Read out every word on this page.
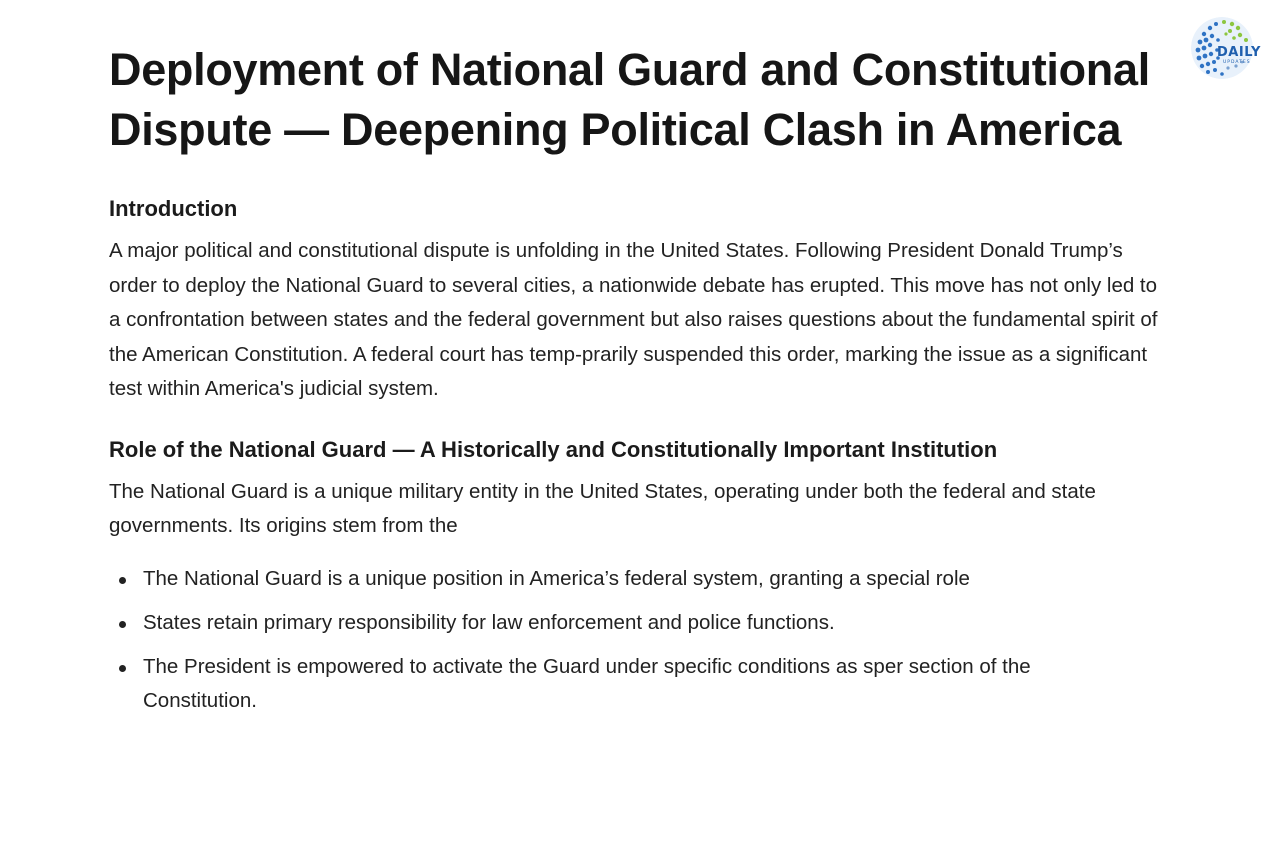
DAILY
UPDATES
Deployment of National Guard and Constitutional Dispute — Deepening Political Clash in America
Introduction

A major political and constitutional dispute is unfolding in the United States. Following President Donald Trump’s order to deploy the National Guard to several cities, a nationwide debate has erupted. This move has not only led to a confrontation between states and the federal government but also raises questions about the fundamental spirit of the American Constitution. A federal court has temp-prarily suspended this order, marking the issue as a significant test within America's judicial system.

Role of the National Guard — A Historically and Constitutionally Important Institution

The National Guard is a unique military entity in the United States, operating under both the federal and state governments. Its origins stem from the

The National Guard is a unique position in America’s federal system, granting a special role
States retain primary responsibility for law enforcement and police functions.
The President is empowered to activate the Guard under specific conditions as sper section of the Constitution.
